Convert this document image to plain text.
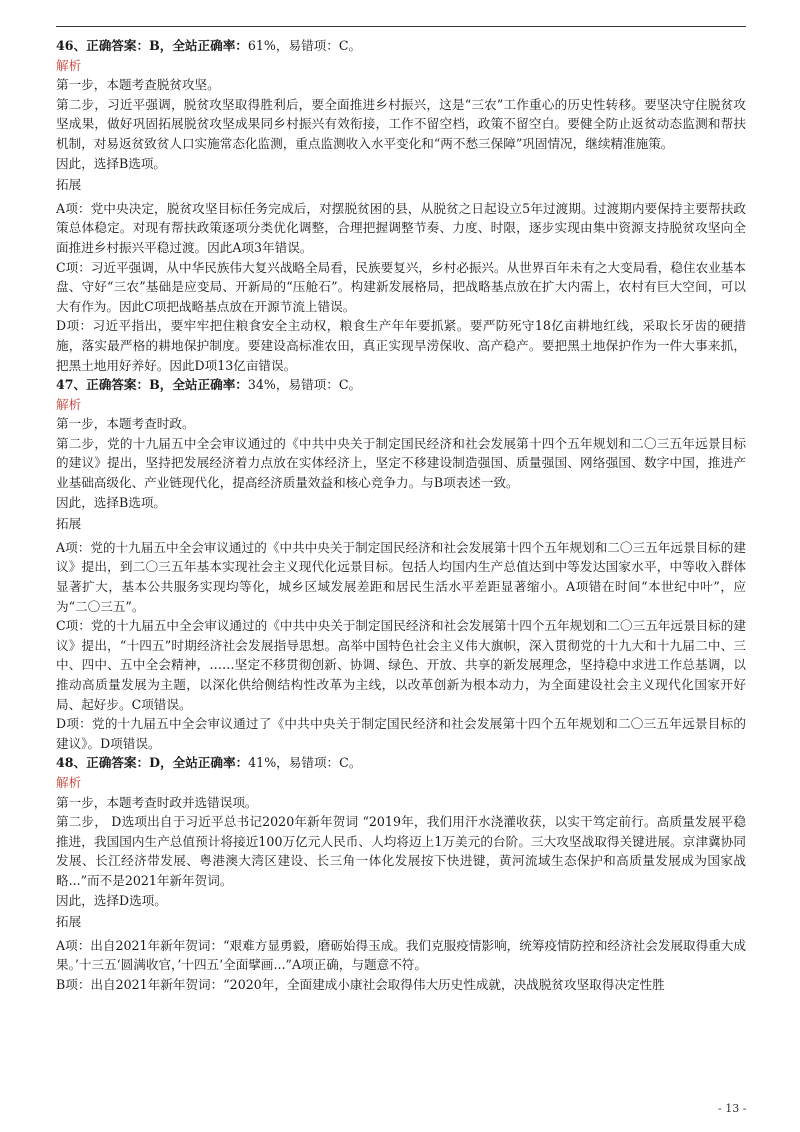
46、正确答案：B，全站正确率：61%，易错项：C。

解析

第一步，本题考查脱贫攻坚。

第二步，习近平强调，脱贫攻坚取得胜利后，要全面推进乡村振兴，这是“三农”工作重心的历史性转移。要坚决守住脱贫攻坚成果，做好巩固拓展脱贫攻坚成果同乡村振兴有效衔接，工作不留空档，政策不留空白。要健全防止返贫动态监测和帮扶机制，对易返贫致贫人口实施常态化监测，重点监测收入水平变化和“两不愁三保障”巩固情况，继续精准施策。

因此，选择B选项。

拓展

A项：党中央决定，脱贫攻坚目标任务完成后，对摆脱贫困的县，从脱贫之日起设立5年过渡期。过渡期内要保持主要帮扶政策总体稳定。对现有帮扶政策逐项分类优化调整，合理把握调整节奏、力度、时限，逐步实现由集中资源支持脱贫攻坚向全面推进乡村振兴平稳过渡。因此A项3年错误。

C项：习近平强调，从中华民族伟大复兴战略全局看，民族要复兴，乡村必振兴。从世界百年未有之大变局看，稳住农业基本盘、守好“三农”基础是应变局、开新局的“压舱石”。构建新发展格局，把战略基点放在扩大内需上，农村有巨大空间，可以大有作为。因此C项把战略基点放在开源节流上错误。

D项：习近平指出，要牢牢把住粮食安全主动权，粮食生产年年要抓紧。要严防死守18亿亩耕地红线，采取长牙齿的硬措施，落实最严格的耕地保护制度。要建设高标准农田，真正实现旱涝保收、高产稳产。要把黑土地保护作为一件大事来抓，把黑土地用好养好。因此D项13亿亩错误。

47、正确答案：B，全站正确率：34%，易错项：C。

解析

第一步，本题考查时政。

第二步，党的十九届五中全会审议通过的《中共中央关于制定国民经济和社会发展第十四个五年规划和二〇三五年远景目标的建议》提出，坚持把发展经济着力点放在实体经济上，坚定不移建设制造强国、质量强国、网络强国、数字中国，推进产业基础高级化、产业链现代化，提高经济质量效益和核心竞争力。与B项表述一致。

因此，选择B选项。

拓展

A项：党的十九届五中全会审议通过的《中共中央关于制定国民经济和社会发展第十四个五年规划和二〇三五年远景目标的建议》提出，到二〇三五年基本实现社会主义现代化远景目标。包括人均国内生产总值达到中等发达国家水平，中等收入群体显著扩大，基本公共服务实现均等化，城乡区域发展差距和居民生活水平差距显著缩小。A项错在时间“本世纪中叶”，应为“二〇三五”。

C项：党的十九届五中全会审议通过的《中共中央关于制定国民经济和社会发展第十四个五年规划和二〇三五年远景目标的建议》提出，“十四五”时期经济社会发展指导思想。高举中国特色社会主义伟大旗帜，深入贯彻党的十九大和十九届二中、三中、四中、五中全会精神，……坚定不移贯彻创新、协调、绿色、开放、共享的新发展理念，坚持稳中求进工作总基调，以推动高质量发展为主题，以深化供给侧结构性改革为主线，以改革创新为根本动力，为全面建设社会主义现代化国家开好局、起好步。C项错误。

D项：党的十九届五中全会审议通过了《中共中央关于制定国民经济和社会发展第十四个五年规划和二〇三五年远景目标的建议》。D项错误。

48、正确答案：D，全站正确率：41%，易错项：C。

解析

第一步，本题考查时政并选错误项。

第二步， D选项出自于习近平总书记2020年新年贺词 “2019年，我们用汗水浇灌收获，以实干笃定前行。高质量发展平稳推进，我国国内生产总值预计将接近100万亿元人民币、人均将迈上1万美元的台阶。三大攻坚战取得关键进展。京津冀协同发展、长江经济带发展、粤港澳大湾区建设、长三角一体化发展按下快进键，黄河流域生态保护和高质量发展成为国家战略...”而不是2021年新年贺词。

因此，选择D选项。

拓展

A项：出自2021年新年贺词：“艰难方显勇毅，磨砺始得玉成。我们克服疫情影响，统筹疫情防控和经济社会发展取得重大成果。’十三五‘圆满收官，’十四五‘全面擘画...”A项正确，与题意不符。

B项：出自2021年新年贺词：“2020年，全面建成小康社会取得伟大历史性成就，决战脱贫攻坚取得决定性胜

- 13 -
